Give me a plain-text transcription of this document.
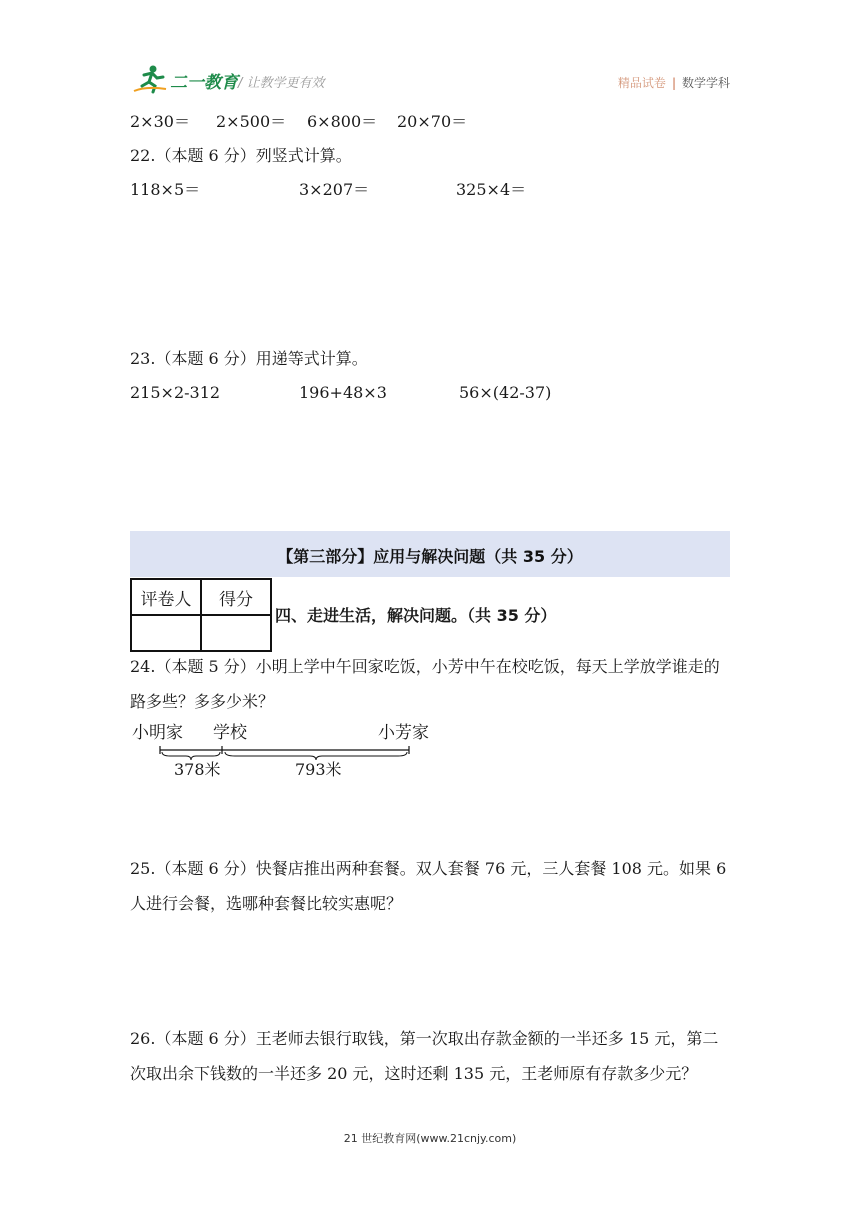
二一教育 / 让教学更有效	精品试卷 | 数学学科
2×30＝ 2×500＝ 6×800＝ 20×70＝
22.（本题 6 分）列竖式计算。
118×5＝	3×207＝	325×4＝
23.（本题 6 分）用递等式计算。
215×2-312	196+48×3	56×(42-37)
【第三部分】应用与解决问题（共 35 分）
评卷人	得分

四、走进生活，解决问题。（共 35 分）
24.（本题 5 分）小明上学中午回家吃饭，小芳中午在校吃饭，每天上学放学谁走的路多些？多多少米？
小明家 学校	小芳家
378米	793米
25.（本题 6 分）快餐店推出两种套餐。双人套餐 76 元，三人套餐 108 元。如果 6 人进行会餐，选哪种套餐比较实惠呢？
26.（本题 6 分）王老师去银行取钱，第一次取出存款金额的一半还多 15 元，第二次取出余下钱数的一半还多 20 元，这时还剩 135 元，王老师原有存款多少元？
21 世纪教育网(www.21cnjy.com)
